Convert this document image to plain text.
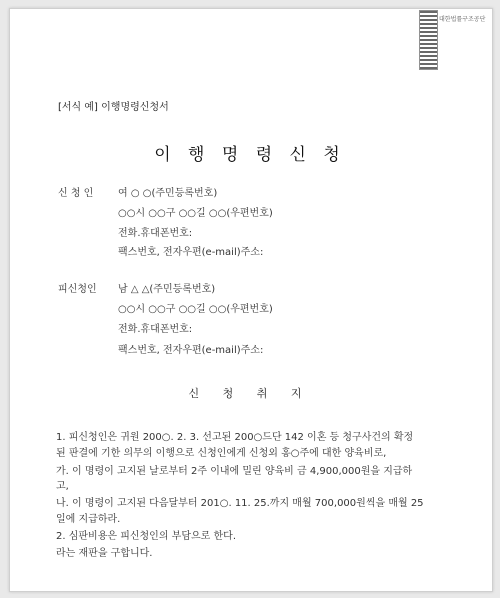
대한법률구조공단
[서식 예] 이행명령신청서
이 행 명 령 신 청
신 청 인 여 ○ ○(주민등록번호)
○○시 ○○구 ○○길 ○○(우편번호)
전화.휴대폰번호:
팩스번호, 전자우편(e-mail)주소:
피신청인 남 △ △(주민등록번호)
○○시 ○○구 ○○길 ○○(우편번호)
전화.휴대폰번호:
팩스번호, 전자우편(e-mail)주소:
신 청 취 지
1. 피신청인은 귀원 200○. 2. 3. 선고된 200○드단 142 이혼 등 청구사건의 확정
된 판결에 기한 의무의 이행으로 신청인에게 신청외 홍○주에 대한 양육비로,
가. 이 명령이 고지된 날로부터 2주 이내에 밀린 양육비 금 4,900,000원을 지급하
고,
나. 이 명령이 고지된 다음달부터 201○. 11. 25.까지 매월 700,000원씩을 매월 25
일에 지급하라.
2. 심판비용은 피신청인의 부담으로 한다.
라는 재판을 구합니다.
